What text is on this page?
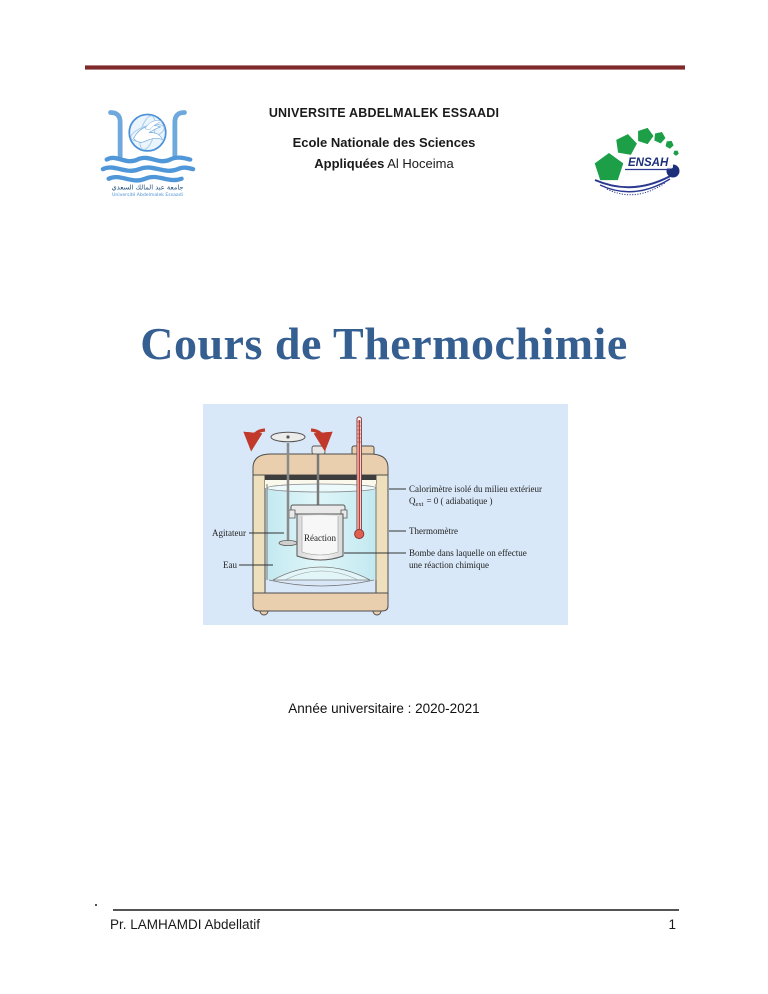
جامعة عبد المالك السعدي
Université Abdelmalek Essaadi

UNIVERSITE ABDELMALEK ESSAADI

Ecole Nationale des Sciences

Appliquées Al Hoceima	ENSAH
Cours de Thermochimie
Réaction
Agitateur
Eau
Calorimètre isolé du milieu extérieur
$Q_{ext} = 0$ ( adiabatique )
Thermomètre
Bombe dans laquelle on effectue
une réaction chimique

Année universitaire : 2020-2021

Pr. LAMHAMDI Abdellatif	1
